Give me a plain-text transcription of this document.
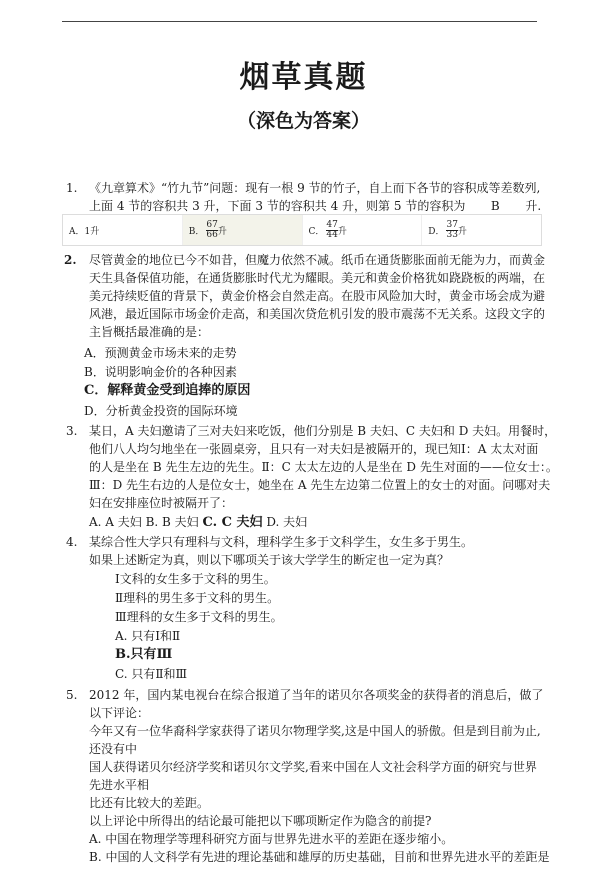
烟草真题
（深色为答案）
1. 《九章算术》“竹九节”问题：现有一根 9 节的竹子，自上而下各节的容积成等差数列,
上面 4 节的容积共 3 升，下面 3 节的容积共 4 升，则第 5 节的容积为 B 升.
A． 1升	B． $\frac{67}{66}$ 升	C． $\frac{47}{44}$ 升	D． $\frac{37}{33}$ 升
2. 尽管黄金的地位已今不如昔，但魔力依然不减。纸币在通货膨胀面前无能为力，而黄金
天生具备保值功能，在通货膨胀时代尤为耀眼。美元和黄金价格犹如跷跷板的两端，在
美元持续贬值的背景下，黄金价格会自然走高。在股市风险加大时，黄金市场会成为避
风港，最近国际市场金价走高，和美国次贷危机引发的股市震荡不无关系。这段文字的
主旨概括最准确的是：
A．预测黄金市场未来的走势
B．说明影响金价的各种因素
C．解释黄金受到追捧的原因
D．分析黄金投资的国际环境
3. 某日，A 夫妇邀请了三对夫妇来吃饭，他们分别是 B 夫妇、C 夫妇和 D 夫妇。用餐时，
他们八人均匀地坐在一张圆桌旁，且只有一对夫妇是被隔开的，现已知Ⅰ：A 太太对面
的人是坐在 B 先生左边的先生。Ⅱ：C 太太左边的人是坐在 D 先生对面的——位女士：。
Ⅲ：D 先生右边的人是位女士，她坐在 A 先生左边第二位置上的女士的对面。问哪对夫
妇在安排座位时被隔开了：
A. A 夫妇 B. B 夫妇 C. C 夫妇 D. 夫妇
4. 某综合性大学只有理科与文科，理科学生多于文科学生，女生多于男生。
如果上述断定为真，则以下哪项关于该大学学生的断定也一定为真？
Ⅰ文科的女生多于文科的男生。
Ⅱ理科的男生多于文科的男生。
Ⅲ理科的女生多于文科的男生。
A. 只有Ⅰ和Ⅱ
B.只有Ⅲ
C. 只有Ⅱ和Ⅲ
5. 2012 年，国内某电视台在综合报道了当年的诺贝尔各项奖金的获得者的消息后，做了
以下评论：
今年又有一位华裔科学家获得了诺贝尔物理学奖,这是中国人的骄傲。但是到目前为止,
还没有中
国人获得诺贝尔经济学奖和诺贝尔文学奖,看来中国在人文社会科学方面的研究与世界
先进水平相
比还有比较大的差距。
以上评论中所得出的结论最可能把以下哪项断定作为隐含的前提?
A. 中国在物理学等理科研究方面与世界先进水平的差距在逐步缩小。
B. 中国的人文科学有先进的理论基础和雄厚的历史基础，目前和世界先进水平的差距是
